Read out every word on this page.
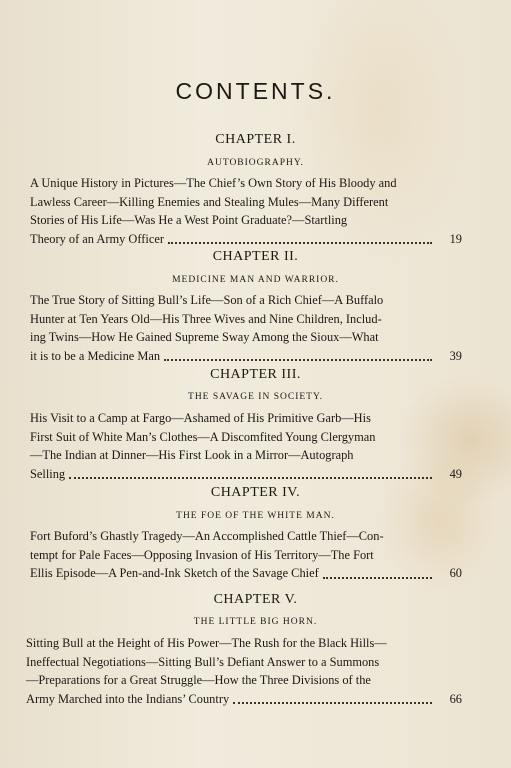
CONTENTS.
CHAPTER I.
AUTOBIOGRAPHY.
A Unique History in Pictures—The Chief’s Own Story of His Bloody and
Lawless Career—Killing Enemies and Stealing Mules—Many Different
Stories of His Life—Was He a West Point Graduate?—Startling
Theory of an Army Officer	19
CHAPTER II.
MEDICINE MAN AND WARRIOR.
The True Story of Sitting Bull’s Life—Son of a Rich Chief—A Buffalo
Hunter at Ten Years Old—His Three Wives and Nine Children, Includ-
ing Twins—How He Gained Supreme Sway Among the Sioux—What
it is to be a Medicine Man	39
CHAPTER III.
THE SAVAGE IN SOCIETY.
His Visit to a Camp at Fargo—Ashamed of His Primitive Garb—His
First Suit of White Man’s Clothes—A Discomfited Young Clergyman
—The Indian at Dinner—His First Look in a Mirror—Autograph
Selling	49
CHAPTER IV.
THE FOE OF THE WHITE MAN.
Fort Buford’s Ghastly Tragedy—An Accomplished Cattle Thief—Con-
tempt for Pale Faces—Opposing Invasion of His Territory—The Fort
Ellis Episode—A Pen-and-Ink Sketch of the Savage Chief	60
CHAPTER V.
THE LITTLE BIG HORN.
Sitting Bull at the Height of His Power—The Rush for the Black Hills—
Ineffectual Negotiations—Sitting Bull’s Defiant Answer to a Summons
—Preparations for a Great Struggle—How the Three Divisions of the
Army Marched into the Indians’ Country	66
